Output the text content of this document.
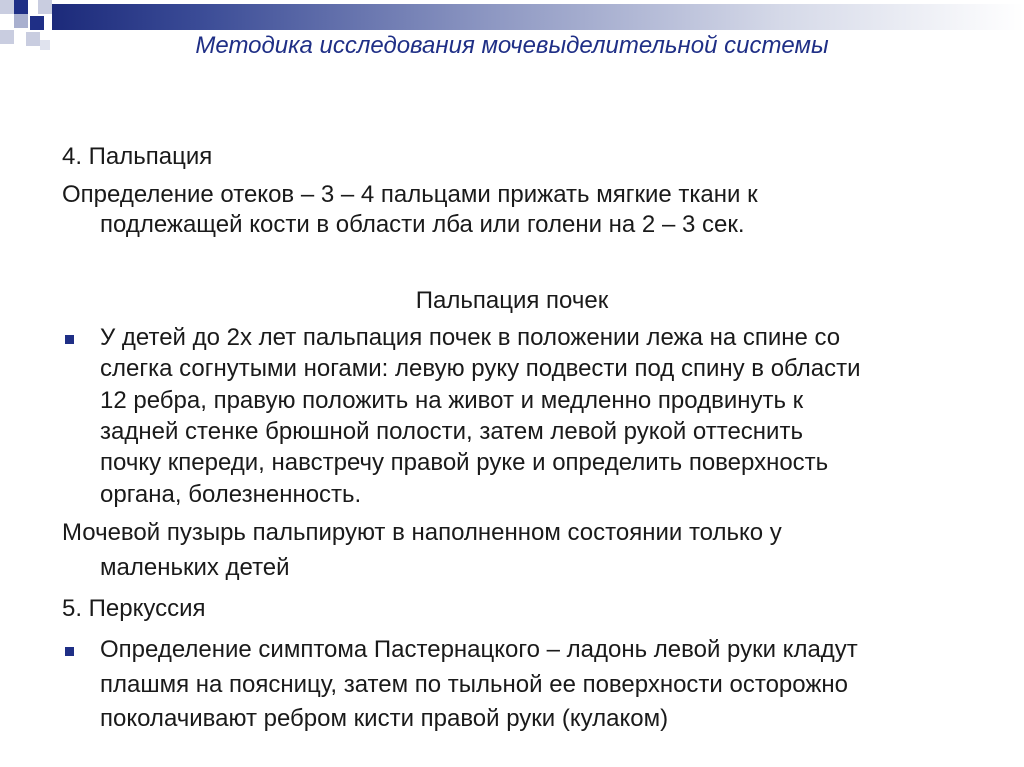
Методика исследования мочевыделительной системы
4. Пальпация
Определение отеков – 3 – 4 пальцами прижать мягкие ткани к
подлежащей кости в области лба или голени на 2 – 3 сек.
Пальпация почек
У детей до 2х лет пальпация почек в положении лежа на спине со
слегка согнутыми ногами: левую руку подвести под спину в области
12 ребра, правую положить на живот и медленно продвинуть к
задней стенке брюшной полости, затем левой рукой оттеснить
почку кпереди, навстречу правой руке и определить поверхность
органа, болезненность.
Мочевой пузырь пальпируют в наполненном состоянии только у
маленьких детей
5. Перкуссия
Определение симптома Пастернацкого – ладонь левой руки кладут
плашмя на поясницу, затем по тыльной ее поверхности осторожно
поколачивают ребром кисти правой руки (кулаком)
